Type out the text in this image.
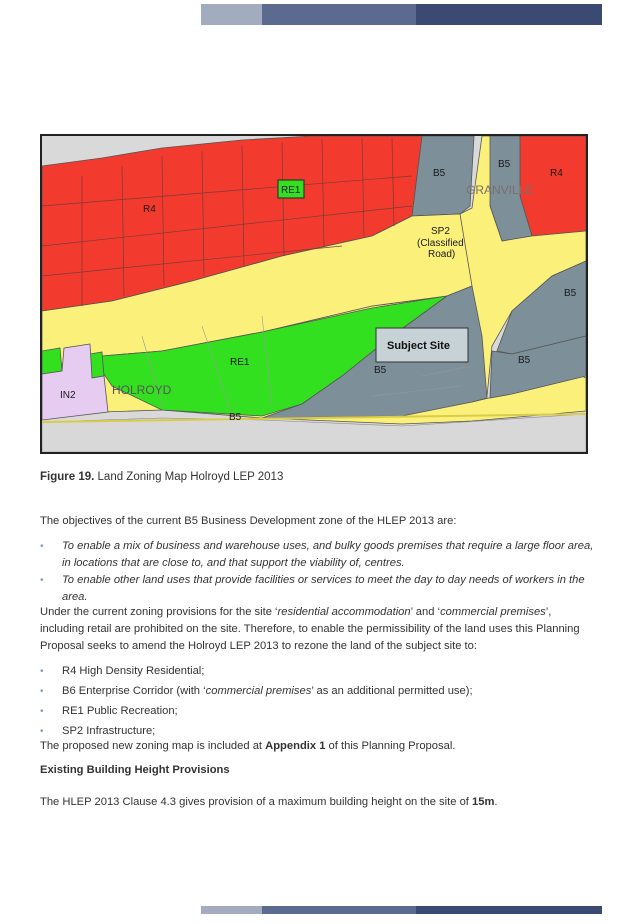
R4
R4
RE1
RE1
B5
B5
B5
B5
B5
B5
SP2
(Classified
Road)
IN2
GRANVILLE
HOLROYD
Subject Site
Figure 19. Land Zoning Map Holroyd LEP 2013
The objectives of the current B5 Business Development zone of the HLEP 2013 are:
• To enable a mix of business and warehouse uses, and bulky goods premises that require a large floor area, in locations that are close to, and that support the viability of, centres.
• To enable other land uses that provide facilities or services to meet the day to day needs of workers in the area.
Under the current zoning provisions for the site ‘residential accommodation’ and ‘commercial premises’, including retail are prohibited on the site. Therefore, to enable the permissibility of the land uses this Planning Proposal seeks to amend the Holroyd LEP 2013 to rezone the land of the subject site to:
• R4 High Density Residential;
• B6 Enterprise Corridor (with ‘commercial premises’ as an additional permitted use);
• RE1 Public Recreation;
• SP2 Infrastructure;
The proposed new zoning map is included at Appendix 1 of this Planning Proposal.
Existing Building Height Provisions
The HLEP 2013 Clause 4.3 gives provision of a maximum building height on the site of 15m.
